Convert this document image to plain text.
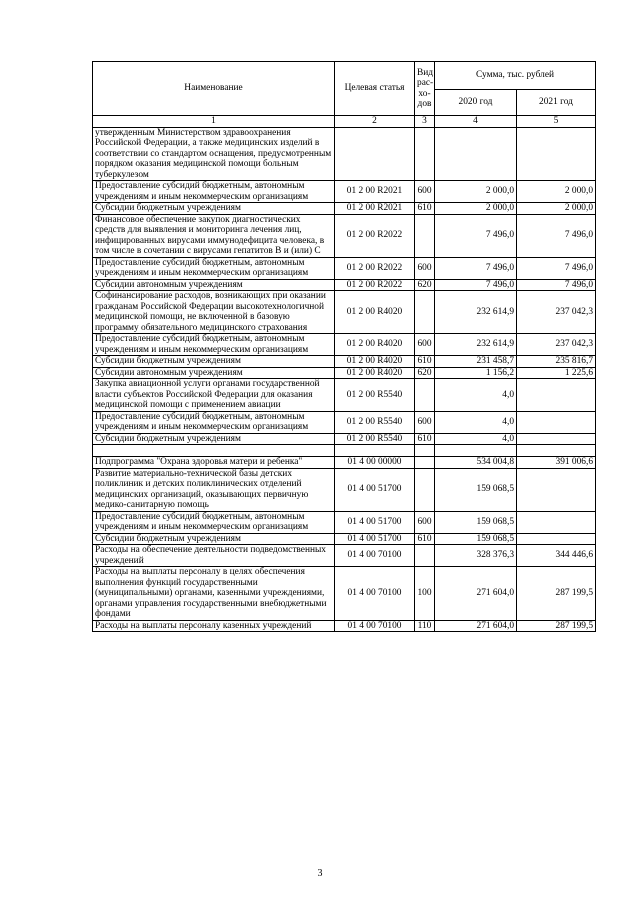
Наименование	Целевая статья	Вид рас-хо-дов	Сумма, тыс. рублей	
			2020 год	2021 год
1	2	3	4	5
утвержденным Министерством здравоохранения Российской Федерации, а также медицинских изделий в соответствии со стандартом оснащения, предусмотренным порядком оказания медицинской помощи больным туберкулезом				
Предоставление субсидий бюджетным, автономным учреждениям и иным некоммерческим организациям	01 2 00 R2021	600	2 000,0	2 000,0
Субсидии бюджетным учреждениям	01 2 00 R2021	610	2 000,0	2 000,0
Финансовое обеспечение закупок диагностических средств для выявления и мониторинга лечения лиц, инфицированных вирусами иммунодефицита человека, в том числе в сочетании с вирусами гепатитов B и (или) C	01 2 00 R2022		7 496,0	7 496,0
Предоставление субсидий бюджетным, автономным учреждениям и иным некоммерческим организациям	01 2 00 R2022	600	7 496,0	7 496,0
Субсидии автономным учреждениям	01 2 00 R2022	620	7 496,0	7 496,0
Софинансирование расходов, возникающих при оказании гражданам Российской Федерации высокотехнологичной медицинской помощи, не включенной в базовую программу обязательного медицинского страхования	01 2 00 R4020		232 614,9	237 042,3
Предоставление субсидий бюджетным, автономным учреждениям и иным некоммерческим организациям	01 2 00 R4020	600	232 614,9	237 042,3
Субсидии бюджетным учреждениям	01 2 00 R4020	610	231 458,7	235 816,7
Субсидии автономным учреждениям	01 2 00 R4020	620	1 156,2	1 225,6
Закупка авиационной услуги органами государственной власти субъектов Российской Федерации для оказания медицинской помощи с применением авиации	01 2 00 R5540		4,0	
Предоставление субсидий бюджетным, автономным учреждениям и иным некоммерческим организациям	01 2 00 R5540	600	4,0	
Субсидии бюджетным учреждениям	01 2 00 R5540	610	4,0	

Подпрограмма "Охрана здоровья матери и ребенка"	01 4 00 00000		534 004,8	391 006,6
Развитие материально-технической базы детских поликлиник и детских поликлинических отделений медицинских организаций, оказывающих первичную медико-санитарную помощь	01 4 00 51700		159 068,5	
Предоставление субсидий бюджетным, автономным учреждениям и иным некоммерческим организациям	01 4 00 51700	600	159 068,5	
Субсидии бюджетным учреждениям	01 4 00 51700	610	159 068,5	
Расходы на обеспечение деятельности подведомственных учреждений	01 4 00 70100		328 376,3	344 446,6
Расходы на выплаты персоналу в целях обеспечения выполнения функций государственными (муниципальными) органами, казенными учреждениями, органами управления государственными внебюджетными фондами	01 4 00 70100	100	271 604,0	287 199,5
Расходы на выплаты персоналу казенных учреждений	01 4 00 70100	110	271 604,0	287 199,5
3
